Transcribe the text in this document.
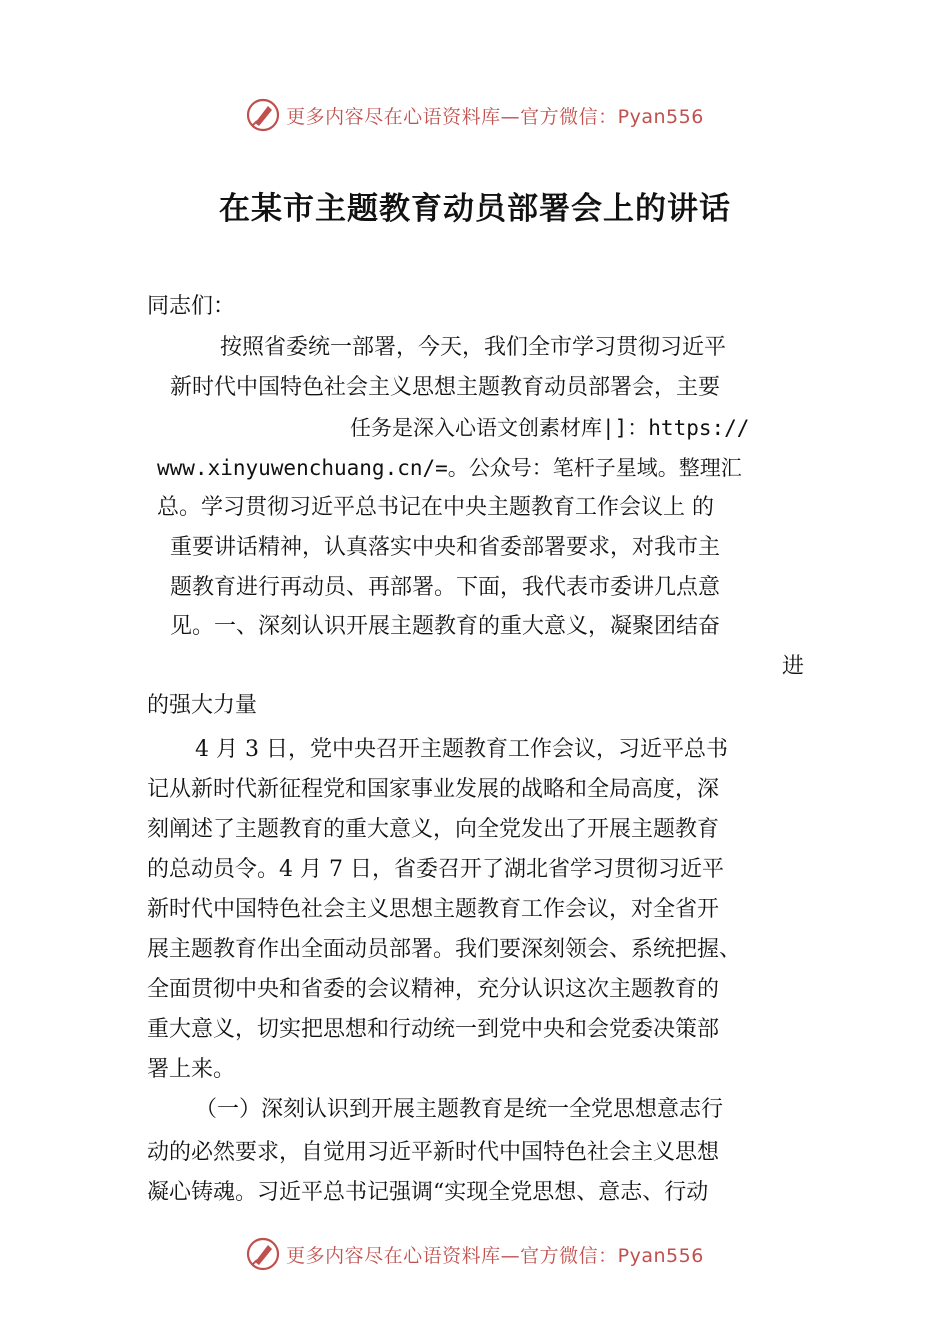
更多内容尽在心语资料库—官方微信：Pyan556
在某市主题教育动员部署会上的讲话
同志们：
按照省委统一部署，今天，我们全市学习贯彻习近平
新时代中国特色社会主义思想主题教育动员部署会，主要
任务是深入心语文创素材库|]：https://
www.xinyuwenchuang.cn/=。公众号：笔杆子星域。整理汇
总。学习贯彻习近平总书记在中央主题教育工作会议上 的
重要讲话精神，认真落实中央和省委部署要求，对我市主
题教育进行再动员、再部署。下面，我代表市委讲几点意
见。一、深刻认识开展主题教育的重大意义，凝聚团结奋
进
的强大力量
4 月 3 日，党中央召开主题教育工作会议，习近平总书
记从新时代新征程党和国家事业发展的战略和全局高度，深
刻阐述了主题教育的重大意义，向全党发出了开展主题教育
的总动员令。4 月 7 日，省委召开了湖北省学习贯彻习近平
新时代中国特色社会主义思想主题教育工作会议，对全省开
展主题教育作出全面动员部署。我们要深刻领会、系统把握、
全面贯彻中央和省委的会议精神，充分认识这次主题教育的
重大意义，切实把思想和行动统一到党中央和会党委决策部
署上来。
（一）深刻认识到开展主题教育是统一全党思想意志行
动的必然要求，自觉用习近平新时代中国特色社会主义思想
凝心铸魂。习近平总书记强调“实现全党思想、意志、行动
更多内容尽在心语资料库—官方微信：Pyan556
